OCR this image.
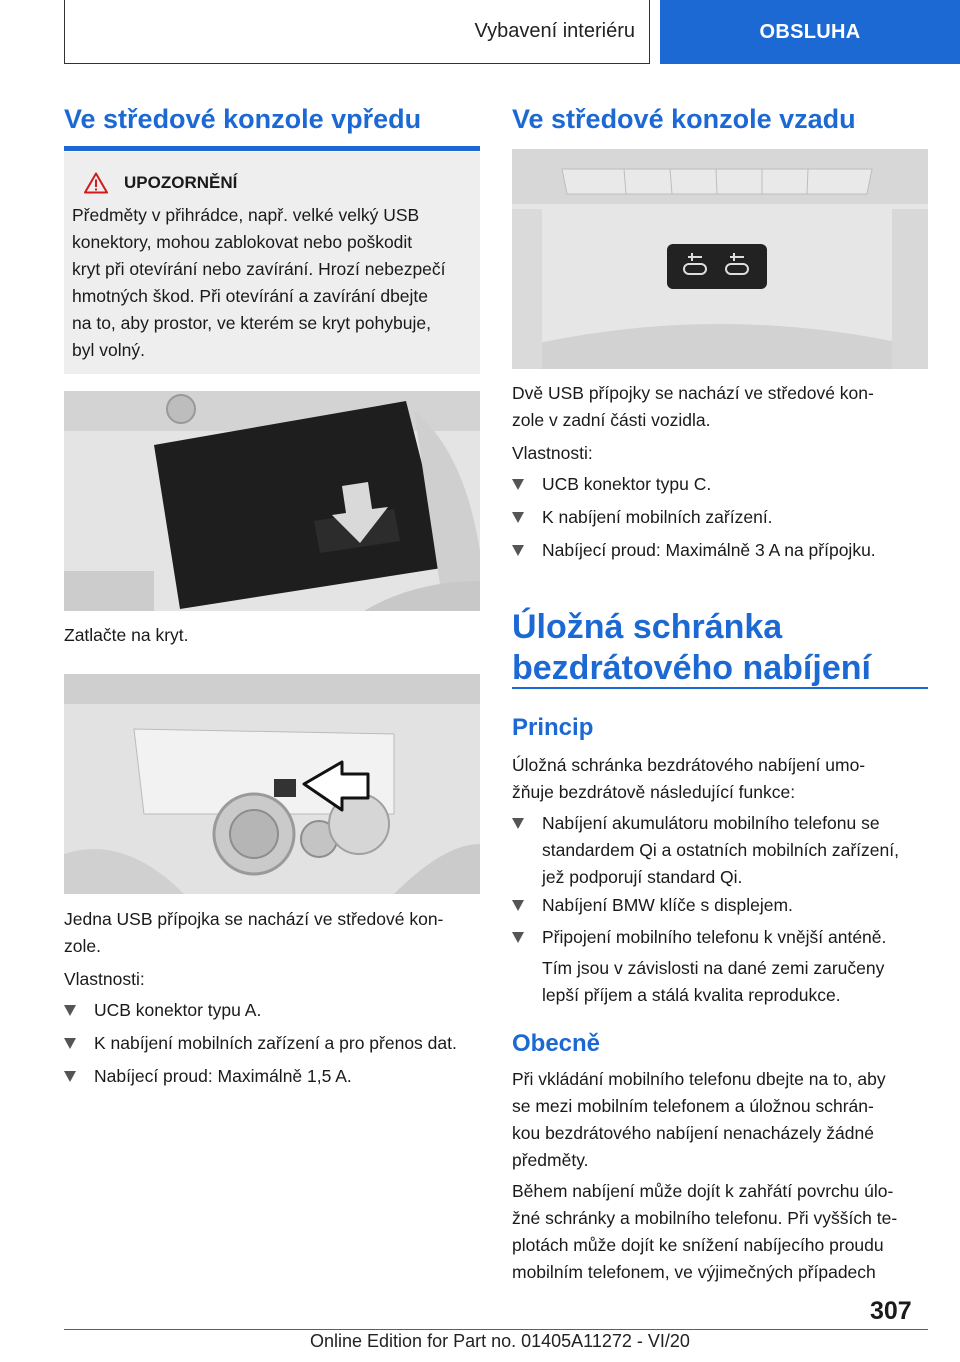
Vybavení interiéru	OBSLUHA
Ve středové konzole vpředu
UPOZORNĚNÍ
Předměty v přihrádce, např. velké velký USB
konektory, mohou zablokovat nebo poškodit
kryt při otevírání nebo zavírání. Hrozí nebezpečí
hmotných škod. Při otevírání a zavírání dbejte
na to, aby prostor, ve kterém se kryt pohybuje,
byl volný.

Zatlačte na kryt.

Jedna USB přípojka se nachází ve středové kon-

zole.

Vlastnosti:

UCB konektor typu A.
K nabíjení mobilních zařízení a pro přenos dat.
Nabíjecí proud: Maximálně 1,5 A.
Ve středové konzole vzadu

Dvě USB přípojky se nachází ve středové kon-

zole v zadní části vozidla.

Vlastnosti:

UCB konektor typu C.
K nabíjení mobilních zařízení.
Nabíjecí proud: Maximálně 3 A na přípojku.
Úložná schránka
bezdrátového nabíjení
Princip

Úložná schránka bezdrátového nabíjení umo-

žňuje bezdrátově následující funkce:

Nabíjení akumulátoru mobilního telefonu se
standardem Qi a ostatních mobilních zařízení,
jež podporují standard Qi.
Nabíjení BMW klíče s displejem.
Připojení mobilního telefonu k vnější anténě.

Tím jsou v závislosti na dané zemi zaručeny

lepší příjem a stálá kvalita reprodukce.

Obecně

Při vkládání mobilního telefonu dbejte na to, aby

se mezi mobilním telefonem a úložnou schrán-

kou bezdrátového nabíjení nenacházely žádné

předměty.

Během nabíjení může dojít k zahřátí povrchu úlo-

žné schránky a mobilního telefonu. Při vyšších te-

plotách může dojít ke snížení nabíjecího proudu

mobilním telefonem, ve výjimečných případech

307
Online Edition for Part no. 01405A11272 - VI/20
